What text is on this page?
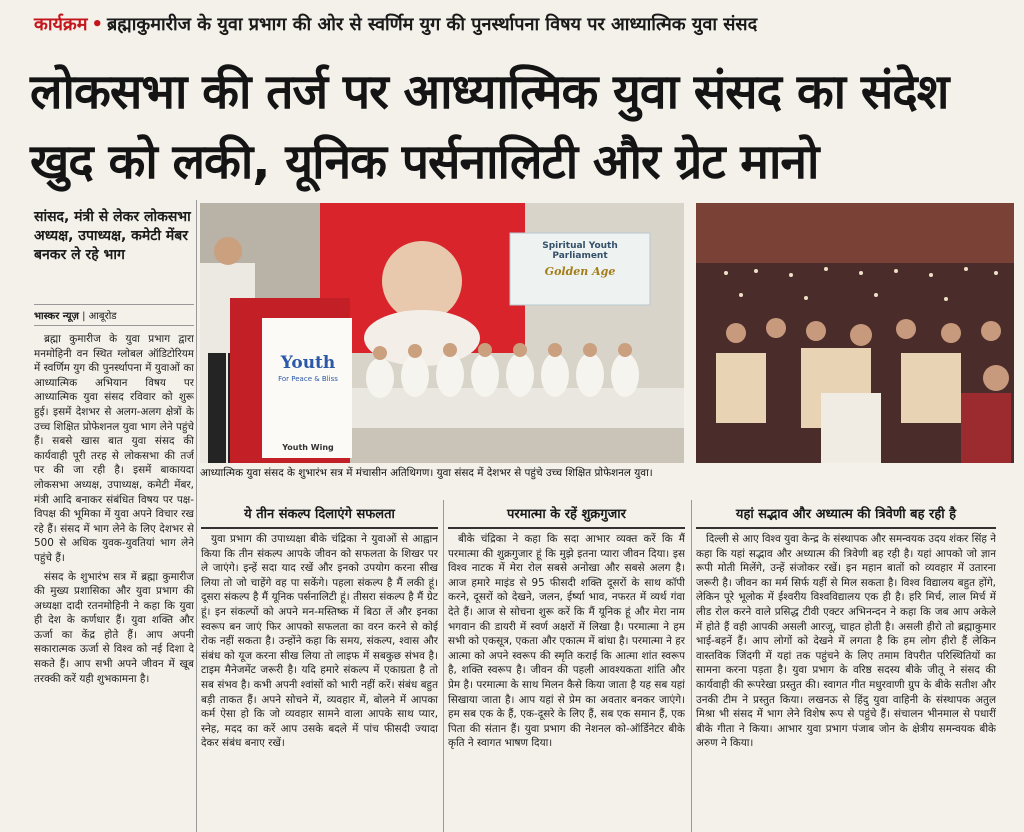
कार्यक्रम • ब्रह्माकुमारीज के युवा प्रभाग की ओर से स्वर्णिम युग की पुनर्स्थापना विषय पर आध्यात्मिक युवा संसद
लोकसभा की तर्ज पर आध्यात्मिक युवा संसद का संदेश
खुद को लकी, यूनिक पर्सनालिटी और ग्रेट मानो
सांसद, मंत्री से लेकर लोकसभा अध्यक्ष, उपाध्यक्ष, कमेटी मेंबर बनकर ले रहे भाग
भास्कर न्यूज़ | आबूरोड
Spiritual Youth Parliament
Golden Age
Youth
For Peace & Bliss
Youth Wing
आध्यात्मिक युवा संसद के शुभारंभ सत्र में मंचासीन अतिथिगण। युवा संसद में देशभर से पहुंचे उच्च शिक्षित प्रोफेशनल युवा।

ब्रह्मा कुमारीज के युवा प्रभाग द्वारा मनमोहिनी वन स्थित ग्लोबल ऑडिटोरियम में स्वर्णिम युग की पुनर्स्थापना में युवाओं का आध्यात्मिक अभियान विषय पर आध्यात्मिक युवा संसद रविवार को शुरू हुई। इसमें देशभर से अलग-अलग क्षेत्रों के उच्च शिक्षित प्रोफेशनल युवा भाग लेने पहुंचे हैं। सबसे खास बात युवा संसद की कार्यवाही पूरी तरह से लोकसभा की तर्ज पर की जा रही है। इसमें बाकायदा लोकसभा अध्यक्ष, उपाध्यक्ष, कमेटी मेंबर, मंत्री आदि बनाकर संबंधित विषय पर पक्ष-विपक्ष की भूमिका में युवा अपने विचार रख रहे हैं। संसद में भाग लेने के लिए देशभर से 500 से अधिक युवक-युवतियां भाग लेने पहुंचे हैं।

संसद के शुभारंभ सत्र में ब्रह्मा कुमारीज की मुख्य प्रशासिका और युवा प्रभाग की अध्यक्षा दादी रतनमोहिनी ने कहा कि युवा ही देश के कर्णधार हैं। युवा शक्ति और ऊर्जा का केंद्र होते हैं। आप अपनी सकारात्मक ऊर्जा से विश्व को नई दिशा दे सकते हैं। आप सभी अपने जीवन में खूब तरक्की करें यही शुभकामना है।

ये तीन संकल्प दिलाएंगे सफलता	परमात्मा के रहें शुक्रगुजार	यहां सद्भाव और अध्यात्म की त्रिवेणी बह रही है

युवा प्रभाग की उपाध्यक्षा बीके चंद्रिका ने युवाओं से आह्वान किया कि तीन संकल्प आपके जीवन को सफलता के शिखर पर ले जाएंगे। इन्हें सदा याद रखें और इनको उपयोग करना सीख लिया तो जो चाहेंगे वह पा सकेंगे। पहला संकल्प है मैं लकी हूं। दूसरा संकल्प है मैं यूनिक पर्सनालिटी हूं। तीसरा संकल्प है मैं ग्रेट हूं। इन संकल्पों को अपने मन-मस्तिष्क में बिठा लें और इनका स्वरूप बन जाएं फिर आपको सफलता का वरन करने से कोई रोक नहीं सकता है। उन्होंने कहा कि समय, संकल्प, श्वास और संबंध को यूज करना सीख लिया तो लाइफ में सबकुछ संभव है। टाइम मैनेजमेंट जरूरी है। यदि हमारे संकल्प में एकाग्रता है तो सब संभव है। कभी अपनी श्वांसों को भारी नहीं करें। संबंध बहुत बड़ी ताकत हैं। अपने सोचने में, व्यवहार में, बोलने में आपका कर्म ऐसा हो कि जो व्यवहार सामने वाला आपके साथ प्यार, स्नेह, मदद का करें आप उसके बदले में पांच फीसदी ज्यादा देकर संबंध बनाए रखें।

बीके चंद्रिका ने कहा कि सदा आभार व्यक्त करें कि मैं परमात्मा की शुक्रगुजार हूं कि मुझे इतना प्यारा जीवन दिया। इस विश्व नाटक में मेरा रोल सबसे अनोखा और सबसे अलग है। आज हमारे माइंड से 95 फीसदी शक्ति दूसरों के साथ कॉपी करने, दूसरों को देखने, जलन, ईर्ष्या भाव, नफरत में व्यर्थ गंवा देते हैं। आज से सोचना शुरू करें कि मैं यूनिक हूं और मेरा नाम भगवान की डायरी में स्वर्ण अक्षरों में लिखा है। परमात्मा ने हम सभी को एकसूत्र, एकता और एकात्म में बांधा है। परमात्मा ने हर आत्मा को अपने स्वरूप की स्मृति कराई कि आत्मा शांत स्वरूप है, शक्ति स्वरूप है। जीवन की पहली आवश्यकता शांति और प्रेम है। परमात्मा के साथ मिलन कैसे किया जाता है यह सब यहां सिखाया जाता है। आप यहां से प्रेम का अवतार बनकर जाएंगे। हम सब एक के हैं, एक-दूसरे के लिए हैं, सब एक समान हैं, एक पिता की संतान हैं। युवा प्रभाग की नेशनल को-ऑर्डिनेटर बीके कृति ने स्वागत भाषण दिया।

दिल्ली से आए विश्व युवा केन्द्र के संस्थापक और समन्वयक उदय शंकर सिंह ने कहा कि यहां सद्भाव और अध्यात्म की त्रिवेणी बह रही है। यहां आपको जो ज्ञान रूपी मोती मिलेंगे, उन्हें संजोकर रखें। इन महान बातों को व्यवहार में उतारना जरूरी है। जीवन का मर्म सिर्फ यहीं से मिल सकता है। विश्व विद्यालय बहुत होंगे, लेकिन पूरे भूलोक में ईश्वरीय विश्वविद्यालय एक ही है। हरि मिर्च, लाल मिर्च में लीड रोल करने वाले प्रसिद्ध टीवी एक्टर अभिनन्दन ने कहा कि जब आप अकेले में होते हैं वही आपकी असली आरजू, चाहत होती है। असली हीरो तो ब्रह्माकुमार भाई-बहनें हैं। आप लोगों को देखने में लगता है कि हम लोग हीरो हैं लेकिन वास्तविक जिंदगी में यहां तक पहुंचने के लिए तमाम विपरीत परिस्थितियों का सामना करना पड़ता है। युवा प्रभाग के वरिष्ठ सदस्य बीके जीतू ने संसद की कार्यवाही की रूपरेखा प्रस्तुत की। स्वागत गीत मधुरवाणी ग्रुप के बीके सतीश और उनकी टीम ने प्रस्तुत किया। लखनऊ से हिंदु युवा वाहिनी के संस्थापक अतुल मिश्रा भी संसद में भाग लेने विशेष रूप से पहुंचे हैं। संचालन भीनमाल से पधारीं बीके गीता ने किया। आभार युवा प्रभाग पंजाब जोन के क्षेत्रीय समन्वयक बीके अरुण ने किया।
